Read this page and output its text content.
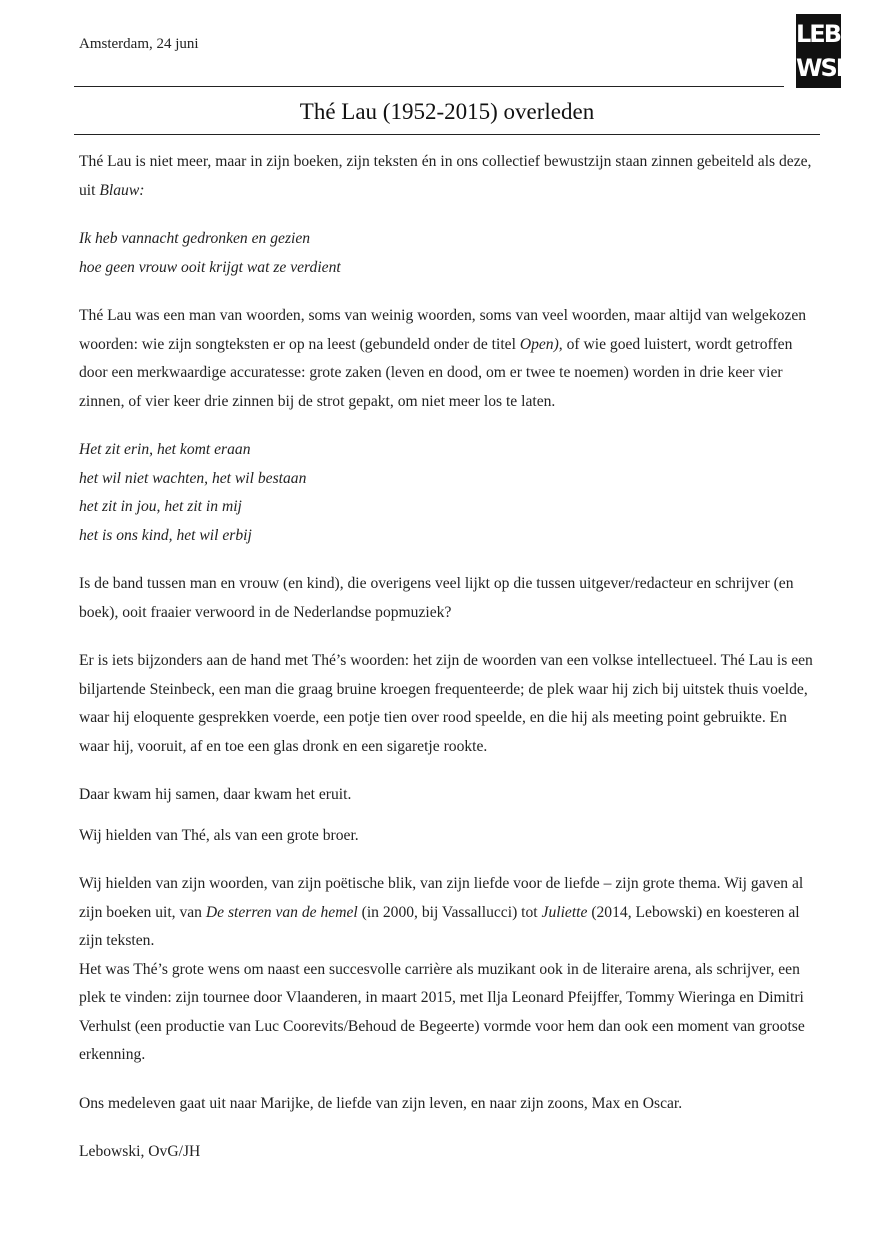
Amsterdam, 24 juni	LEBO
WSKi
Thé Lau (1952-2015) overleden

Thé Lau is niet meer, maar in zijn boeken, zijn teksten én in ons collectief bewustzijn staan zinnen gebeiteld als deze, uit Blauw:

Ik heb vannacht gedronken en gezien
hoe geen vrouw ooit krijgt wat ze verdient

Thé Lau was een man van woorden, soms van weinig woorden, soms van veel woorden, maar altijd van welgekozen woorden: wie zijn songteksten er op na leest (gebundeld onder de titel Open), of wie goed luistert, wordt getroffen door een merkwaardige accuratesse: grote zaken (leven en dood, om er twee te noemen) worden in drie keer vier zinnen, of vier keer drie zinnen bij de strot gepakt, om niet meer los te laten.

Het zit erin, het komt eraan
het wil niet wachten, het wil bestaan
het zit in jou, het zit in mij
het is ons kind, het wil erbij

Is de band tussen man en vrouw (en kind), die overigens veel lijkt op die tussen uitgever/redacteur en schrijver (en boek), ooit fraaier verwoord in de Nederlandse popmuziek?

Er is iets bijzonders aan de hand met Thé’s woorden: het zijn de woorden van een volkse intellectueel. Thé Lau is een biljartende Steinbeck, een man die graag bruine kroegen frequenteerde; de plek waar hij zich bij uitstek thuis voelde, waar hij eloquente gesprekken voerde, een potje tien over rood speelde, en die hij als meeting point gebruikte. En waar hij, vooruit, af en toe een glas dronk en een sigaretje rookte.

Daar kwam hij samen, daar kwam het eruit.

Wij hielden van Thé, als van een grote broer.

Wij hielden van zijn woorden, van zijn poëtische blik, van zijn liefde voor de liefde – zijn grote thema. Wij gaven al zijn boeken uit, van De sterren van de hemel (in 2000, bij Vassallucci) tot Juliette (2014, Lebowski) en koesteren al zijn teksten.

Het was Thé’s grote wens om naast een succesvolle carrière als muzikant ook in de literaire arena, als schrijver, een plek te vinden: zijn tournee door Vlaanderen, in maart 2015, met Ilja Leonard Pfeijffer, Tommy Wieringa en Dimitri Verhulst (een productie van Luc Coorevits/Behoud de Begeerte) vormde voor hem dan ook een moment van grootse erkenning.

Ons medeleven gaat uit naar Marijke, de liefde van zijn leven, en naar zijn zoons, Max en Oscar.

Lebowski, OvG/JH
